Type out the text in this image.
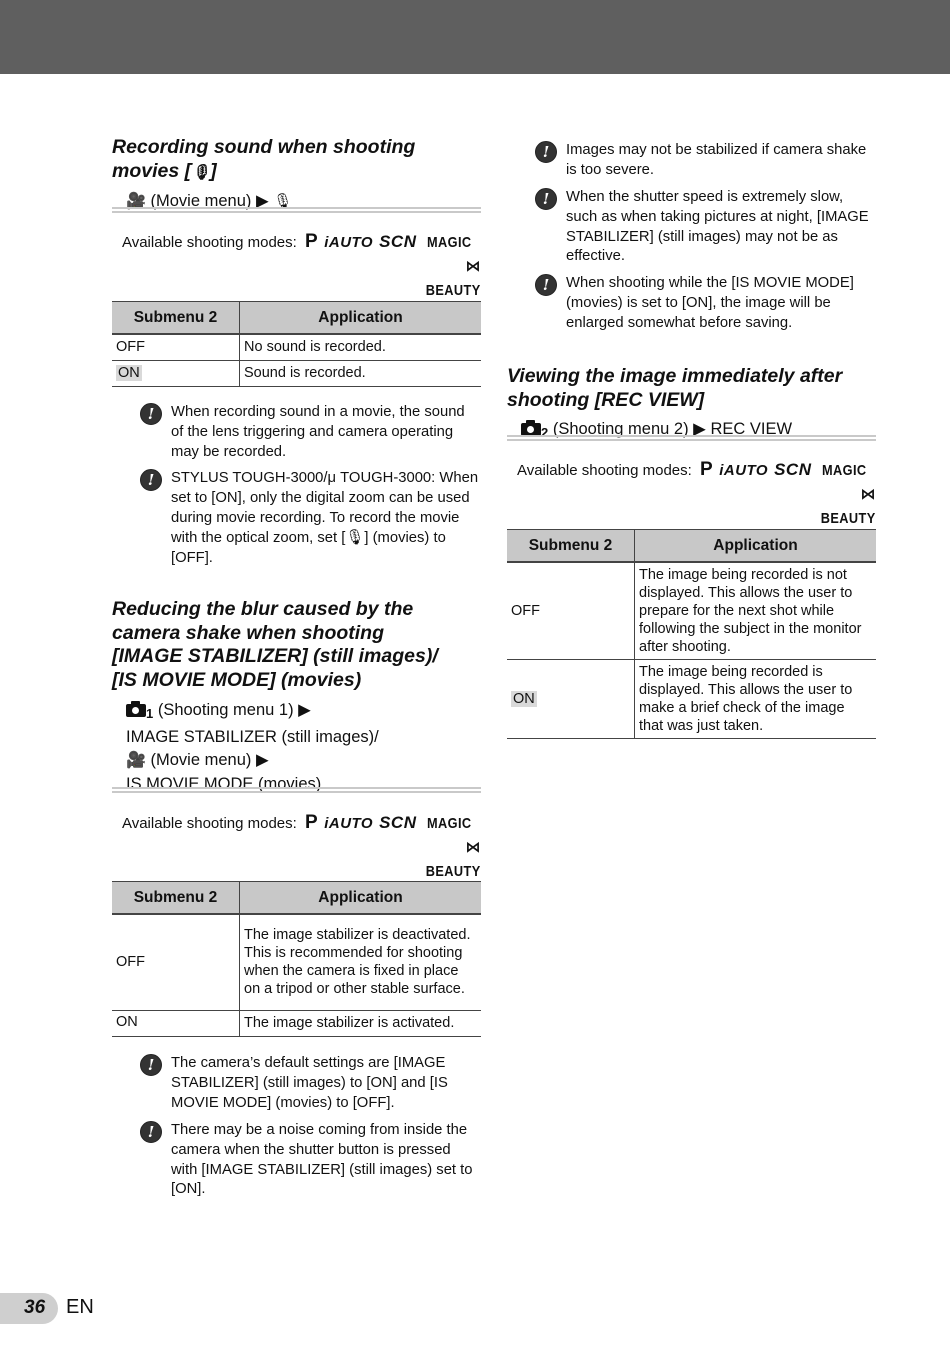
Recording sound when shooting
movies [🎙]
🎥 (Movie menu) ▶ 🎙
Available shooting modes: P iAUTO SCN MAGIC⋈
BEAUTY
Submenu 2	Application
OFF	No sound is recorded.
ON	Sound is recorded.
!	When recording sound in a movie, the sound of the lens triggering and camera operating may be recorded.
!	STYLUS TOUGH-3000/μ TOUGH-3000: When set to [ON], only the digital zoom can be used during movie recording. To record the movie with the optical zoom, set [🎙] (movies) to [OFF].
Reducing the blur caused by the
camera shake when shooting
[IMAGE STABILIZER] (still images)/
[IS MOVIE MODE] (movies)
1 (Shooting menu 1) ▶
IMAGE STABILIZER (still images)/
🎥 (Movie menu) ▶
IS MOVIE MODE (movies)
Available shooting modes: P iAUTO SCN MAGIC⋈
BEAUTY
Submenu 2	Application
OFF	The image stabilizer is deactivated. This is recommended for shooting when the camera is fixed in place on a tripod or other stable surface.
ON	The image stabilizer is activated.
!	The camera’s default settings are [IMAGE STABILIZER] (still images) to [ON] and [IS MOVIE MODE] (movies) to [OFF].
!	There may be a noise coming from inside the camera when the shutter button is pressed with [IMAGE STABILIZER] (still images) set to [ON].
!	Images may not be stabilized if camera shake is too severe.
!	When the shutter speed is extremely slow, such as when taking pictures at night, [IMAGE STABILIZER] (still images) may not be as effective.
!	When shooting while the [IS MOVIE MODE] (movies) is set to [ON], the image will be enlarged somewhat before saving.
Viewing the image immediately after
shooting [REC VIEW]
2 (Shooting menu 2) ▶ REC VIEW
Available shooting modes: P iAUTO SCN MAGIC⋈
BEAUTY
Submenu 2	Application
OFF	The image being recorded is not displayed. This allows the user to prepare for the next shot while following the subject in the monitor after shooting.
ON	The image being recorded is displayed. This allows the user to make a brief check of the image that was just taken.
36 EN
